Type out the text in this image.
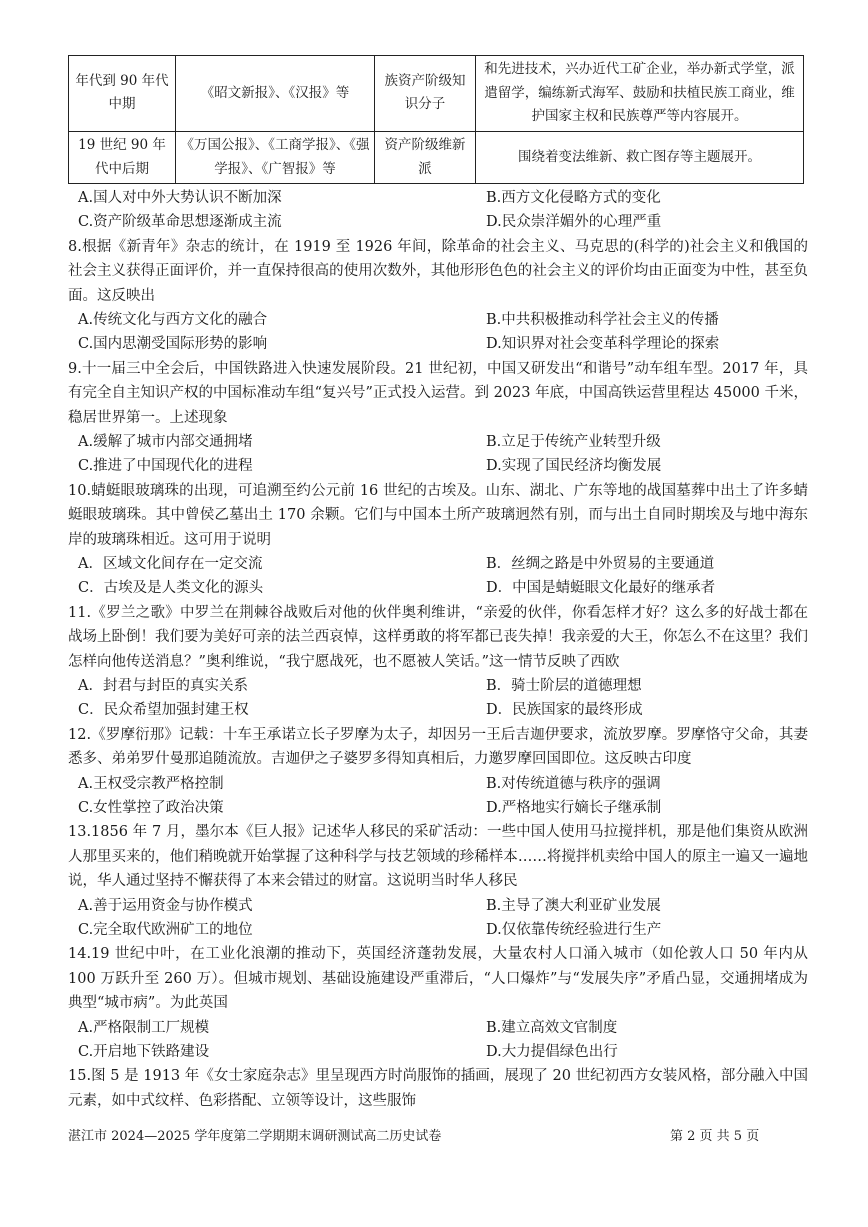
年代到 90 年代中期	《昭文新报》、《汉报》等	族资产阶级知识分子	和先进技术，兴办近代工矿企业，举办新式学堂，派遣留学，编练新式海军、鼓励和扶植民族工商业，维护国家主权和民族尊严等内容展开。
19 世纪 90 年代中后期	《万国公报》、《工商学报》、《强学报》、《广智报》等	资产阶级维新派	围绕着变法维新、救亡图存等主题展开。
A.国人对中外大势认识不断加深	B.西方文化侵略方式的变化
C.资产阶级革命思想逐渐成主流	D.民众崇洋媚外的心理严重
8.根据《新青年》杂志的统计，在 1919 至 1926 年间，除革命的社会主义、马克思的(科学的)社会主义和俄国的社会主义获得正面评价，并一直保持很高的使用次数外，其他形形色色的社会主义的评价均由正面变为中性，甚至负面。这反映出
A.传统文化与西方文化的融合	B.中共积极推动科学社会主义的传播
C.国内思潮受国际形势的影响	D.知识界对社会变革科学理论的探索
9.十一届三中全会后，中国铁路进入快速发展阶段。21 世纪初，中国又研发出“和谐号”动车组车型。2017 年，具有完全自主知识产权的中国标准动车组“复兴号”正式投入运营。到 2023 年底，中国高铁运营里程达 45000 千米，稳居世界第一。上述现象
A.缓解了城市内部交通拥堵	B.立足于传统产业转型升级
C.推进了中国现代化的进程	D.实现了国民经济均衡发展
10.蜻蜓眼玻璃珠的出现，可追溯至约公元前 16 世纪的古埃及。山东、湖北、广东等地的战国墓葬中出土了许多蜻蜓眼玻璃珠。其中曾侯乙墓出土 170 余颗。它们与中国本土所产玻璃迥然有别，而与出土自同时期埃及与地中海东岸的玻璃珠相近。这可用于说明
A．区域文化间存在一定交流	B．丝绸之路是中外贸易的主要通道
C．古埃及是人类文化的源头	D．中国是蜻蜓眼文化最好的继承者
11.《罗兰之歌》中罗兰在荆棘谷战败后对他的伙伴奥利维讲，“亲爱的伙伴，你看怎样才好？这么多的好战士都在战场上卧倒！我们要为美好可亲的法兰西哀悼，这样勇敢的将军都已丧失掉！我亲爱的大王，你怎么不在这里？我们怎样向他传送消息？”奥利维说，“我宁愿战死，也不愿被人笑话。”这一情节反映了西欧
A．封君与封臣的真实关系	B．骑士阶层的道德理想
C．民众希望加强封建王权	D．民族国家的最终形成
12.《罗摩衍那》记载：十车王承诺立长子罗摩为太子，却因另一王后吉迦伊要求，流放罗摩。罗摩恪守父命，其妻悉多、弟弟罗什曼那追随流放。吉迦伊之子婆罗多得知真相后，力邀罗摩回国即位。这反映古印度
A.王权受宗教严格控制	B.对传统道德与秩序的强调
C.女性掌控了政治决策	D.严格地实行嫡长子继承制
13.1856 年 7 月，墨尔本《巨人报》记述华人移民的采矿活动：一些中国人使用马拉搅拌机，那是他们集资从欧洲人那里买来的，他们稍晚就开始掌握了这种科学与技艺领域的珍稀样本……将搅拌机卖给中国人的原主一遍又一遍地说，华人通过坚持不懈获得了本来会错过的财富。这说明当时华人移民
A.善于运用资金与协作模式	B.主导了澳大利亚矿业发展
C.完全取代欧洲矿工的地位	D.仅依靠传统经验进行生产
14.19 世纪中叶，在工业化浪潮的推动下，英国经济蓬勃发展，大量农村人口涌入城市（如伦敦人口 50 年内从 100 万跃升至 260 万）。但城市规划、基础设施建设严重滞后，“人口爆炸”与“发展失序”矛盾凸显，交通拥堵成为典型“城市病”。为此英国
A.严格限制工厂规模	B.建立高效文官制度
C.开启地下铁路建设	D.大力提倡绿色出行
15.图 5 是 1913 年《女士家庭杂志》里呈现西方时尚服饰的插画，展现了 20 世纪初西方女装风格，部分融入中国元素，如中式纹样、色彩搭配、立领等设计，这些服饰
湛江市 2024—2025 学年度第二学期期末调研测试高二历史试卷	第 2 页 共 5 页
